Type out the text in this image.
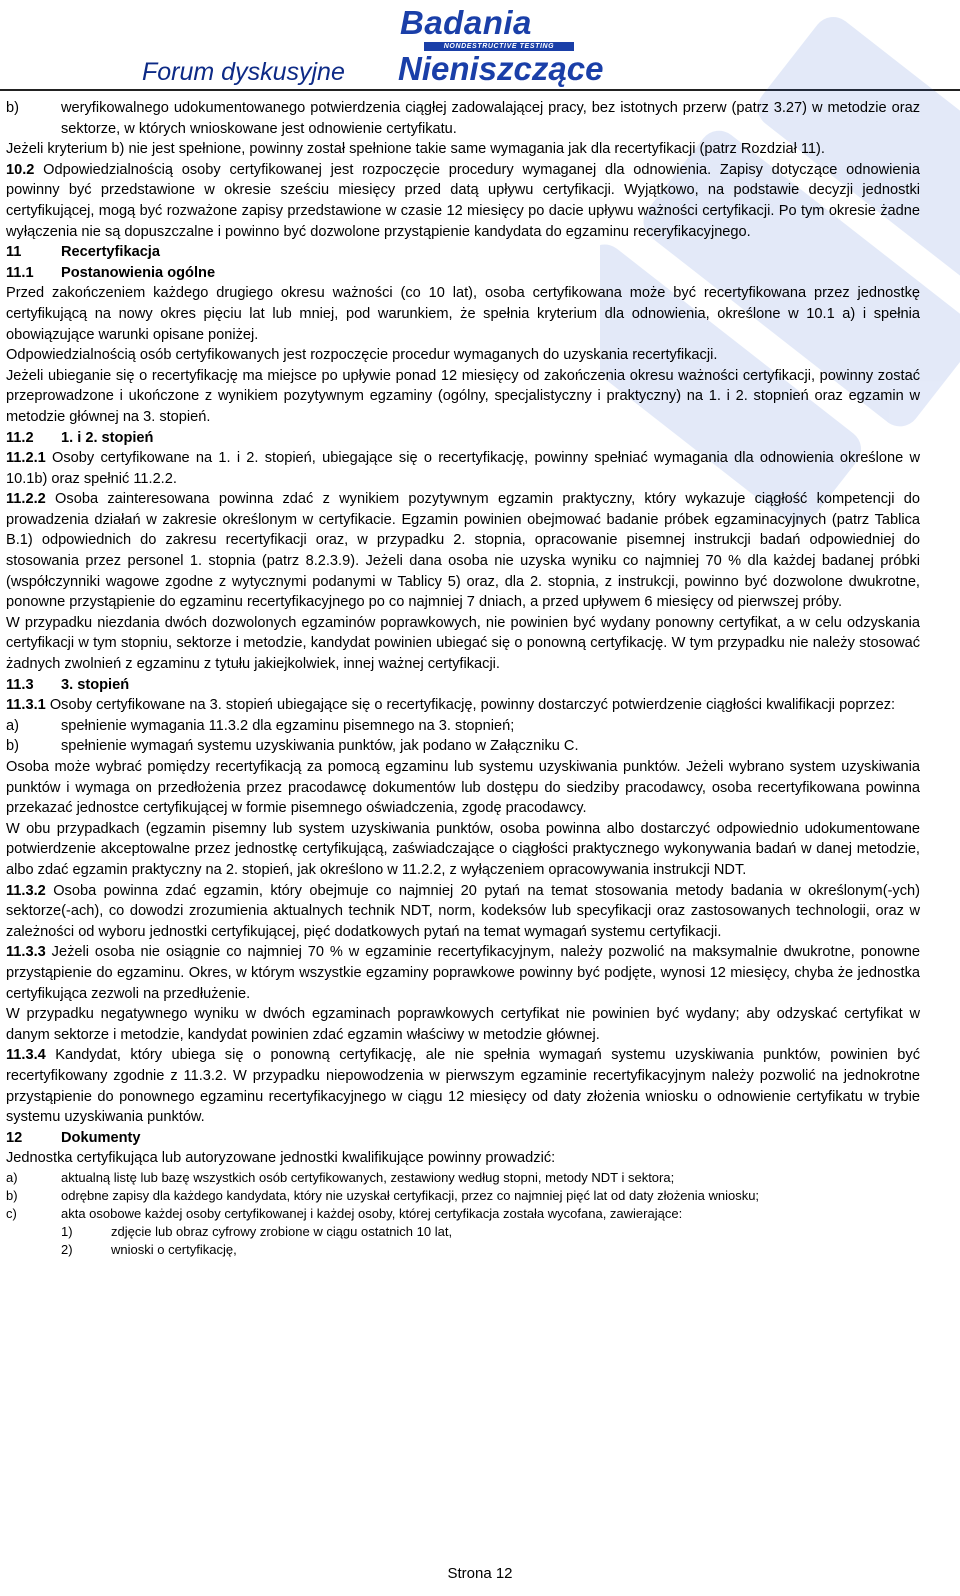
Forum dyskusyjne
Badania
NONDESTRUCTIVE TESTING
Nieniszczące
b)	weryfikowalnego udokumentowanego potwierdzenia ciągłej zadowalającej pracy, bez istotnych przerw (patrz 3.27) w metodzie oraz sektorze, w których wnioskowane jest odnowienie certyfikatu.

Jeżeli kryterium b) nie jest spełnione, powinny został spełnione takie same wymagania jak dla recertyfikacji (patrz Rozdział 11).

10.2 Odpowiedzialnością osoby certyfikowanej jest rozpoczęcie procedury wymaganej dla odnowienia. Zapisy dotyczące odnowienia powinny być przedstawione w okresie sześciu miesięcy przed datą upływu certyfikacji. Wyjątkowo, na podstawie decyzji jednostki certyfikującej, mogą być rozważone zapisy przedstawione w czasie 12 miesięcy po dacie upływu ważności certyfikacji. Po tym okresie żadne wyłączenia nie są dopuszczalne i powinno być dozwolone przystąpienie kandydata do egzaminu receryfikacyjnego.

11	Recertyfikacja
11.1	Postanowienia ogólne

Przed zakończeniem każdego drugiego okresu ważności (co 10 lat), osoba certyfikowana może być recertyfikowana przez jednostkę certyfikującą na nowy okres pięciu lat lub mniej, pod warunkiem, że spełnia kryterium dla odnowienia, określone w 10.1 a) i spełnia obowiązujące warunki opisane poniżej.

Odpowiedzialnością osób certyfikowanych jest rozpoczęcie procedur wymaganych do uzyskania recertyfikacji.

Jeżeli ubieganie się o recertyfikację ma miejsce po upływie ponad 12 miesięcy od zakończenia okresu ważności certyfikacji, powinny zostać przeprowadzone i ukończone z wynikiem pozytywnym egzaminy (ogólny, specjalistyczny i praktyczny) na 1. i 2. stopnień oraz egzamin w metodzie głównej na 3. stopień.

11.2	1. i 2. stopień

11.2.1 Osoby certyfikowane na 1. i 2. stopień, ubiegające się o recertyfikację, powinny spełniać wymagania dla odnowienia określone w 10.1b) oraz spełnić 11.2.2.

11.2.2 Osoba zainteresowana powinna zdać z wynikiem pozytywnym egzamin praktyczny, który wykazuje ciągłość kompetencji do prowadzenia działań w zakresie określonym w certyfikacie. Egzamin powinien obejmować badanie próbek egzaminacyjnych (patrz Tablica B.1) odpowiednich do zakresu recertyfikacji oraz, w przypadku 2. stopnia, opracowanie pisemnej instrukcji badań odpowiedniej do stosowania przez personel 1. stopnia (patrz 8.2.3.9). Jeżeli dana osoba nie uzyska wyniku co najmniej 70 % dla każdej badanej próbki (współczynniki wagowe zgodne z wytycznymi podanymi w Tablicy 5) oraz, dla 2. stopnia, z instrukcji, powinno być dozwolone dwukrotne, ponowne przystąpienie do egzaminu recertyfikacyjnego po co najmniej 7 dniach, a przed upływem 6 miesięcy od pierwszej próby.

W przypadku niezdania dwóch dozwolonych egzaminów poprawkowych, nie powinien być wydany ponowny certyfikat, a w celu odzyskania certyfikacji w tym stopniu, sektorze i metodzie, kandydat powinien ubiegać się o ponowną certyfikację. W tym przypadku nie należy stosować żadnych zwolnień z egzaminu z tytułu jakiejkolwiek, innej ważnej certyfikacji.

11.3	3. stopień

11.3.1 Osoby certyfikowane na 3. stopień ubiegające się o recertyfikację, powinny dostarczyć potwierdzenie ciągłości kwalifikacji poprzez:

a)	spełnienie wymagania 11.3.2 dla egzaminu pisemnego na 3. stopnień;
b)	spełnienie wymagań systemu uzyskiwania punktów, jak podano w Załączniku C.

Osoba może wybrać pomiędzy recertyfikacją za pomocą egzaminu lub systemu uzyskiwania punktów. Jeżeli wybrano system uzyskiwania punktów i wymaga on przedłożenia przez pracodawcę dokumentów lub dostępu do siedziby pracodawcy, osoba recertyfikowana powinna przekazać jednostce certyfikującej w formie pisemnego oświadczenia, zgodę pracodawcy.

W obu przypadkach (egzamin pisemny lub system uzyskiwania punktów, osoba powinna albo dostarczyć odpowiednio udokumentowane potwierdzenie akceptowalne przez jednostkę certyfikującą, zaświadczające o ciągłości praktycznego wykonywania badań w danej metodzie, albo zdać egzamin praktyczny na 2. stopień, jak określono w 11.2.2, z wyłączeniem opracowywania instrukcji NDT.

11.3.2 Osoba powinna zdać egzamin, który obejmuje co najmniej 20 pytań na temat stosowania metody badania w określonym(-ych) sektorze(-ach), co dowodzi zrozumienia aktualnych technik NDT, norm, kodeksów lub specyfikacji oraz zastosowanych technologii, oraz w zależności od wyboru jednostki certyfikującej, pięć dodatkowych pytań na temat wymagań systemu certyfikacji.

11.3.3 Jeżeli osoba nie osiągnie co najmniej 70 % w egzaminie recertyfikacyjnym, należy pozwolić na maksymalnie dwukrotne, ponowne przystąpienie do egzaminu. Okres, w którym wszystkie egzaminy poprawkowe powinny być podjęte, wynosi 12 miesięcy, chyba że jednostka certyfikująca zezwoli na przedłużenie.

W przypadku negatywnego wyniku w dwóch egzaminach poprawkowych certyfikat nie powinien być wydany; aby odzyskać certyfikat w danym sektorze i metodzie, kandydat powinien zdać egzamin właściwy w metodzie głównej.

11.3.4 Kandydat, który ubiega się o ponowną certyfikację, ale nie spełnia wymagań systemu uzyskiwania punktów, powinien być recertyfikowany zgodnie z 11.3.2. W przypadku niepowodzenia w pierwszym egzaminie recertyfikacyjnym należy pozwolić na jednokrotne przystąpienie do ponownego egzaminu recertyfikacyjnego w ciągu 12 miesięcy od daty złożenia wniosku o odnowienie certyfikatu w trybie systemu uzyskiwania punktów.

12	Dokumenty

Jednostka certyfikująca lub autoryzowane jednostki kwalifikujące powinny prowadzić:

a)	aktualną listę lub bazę wszystkich osób certyfikowanych, zestawiony według stopni, metody NDT i sektora;
b)	odrębne zapisy dla każdego kandydata, który nie uzyskał certyfikacji, przez co najmniej pięć lat od daty złożenia wniosku;
c)	akta osobowe każdej osoby certyfikowanej i każdej osoby, której certyfikacja została wycofana, zawierające:
1)	zdjęcie lub obraz cyfrowy zrobione w ciągu ostatnich 10 lat,
2)	wnioski o certyfikację,
Strona 12
